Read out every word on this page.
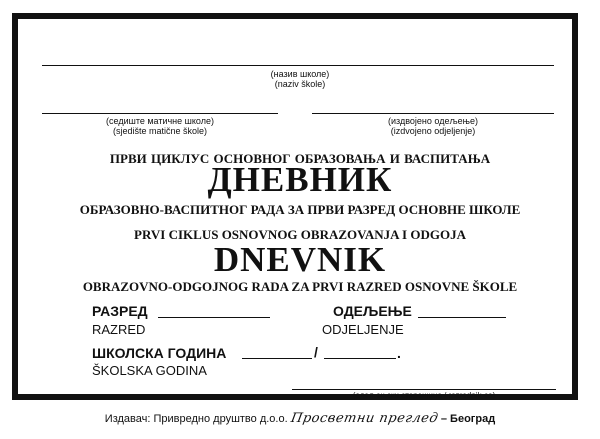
(назив школе)
(naziv škole)
(седиште матичне школе)
(sjedište matične škole)
(издвојено одељење)
(izdvojeno odjeljenje)
ПРВИ ЦИКЛУС ОСНОВНОГ ОБРАЗОВАЊА И ВАСПИТАЊА
ДНЕВНИК
ОБРАЗОВНО-ВАСПИТНОГ РАДА ЗА ПРВИ РАЗРЕД ОСНОВНЕ ШКОЛЕ
PRVI CIKLUS OSNOVNOG OBRAZOVANJA I ODGOJA
DNEVNIK
OBRAZOVNO-ODGOJNOG RADA ZA PRVI RAZRED OSNOVNE ŠKOLE
РАЗРЕД
RAZRED
ОДЕЉЕЊЕ
ODJELJENJE
ШКОЛСКА ГОДИНА	/	.
ŠKOLSKA GODINA
(одељењски старешина / razrednik-ca)
Издавач: Привредно друштво д.о.о. Просветни преглед – Београд
